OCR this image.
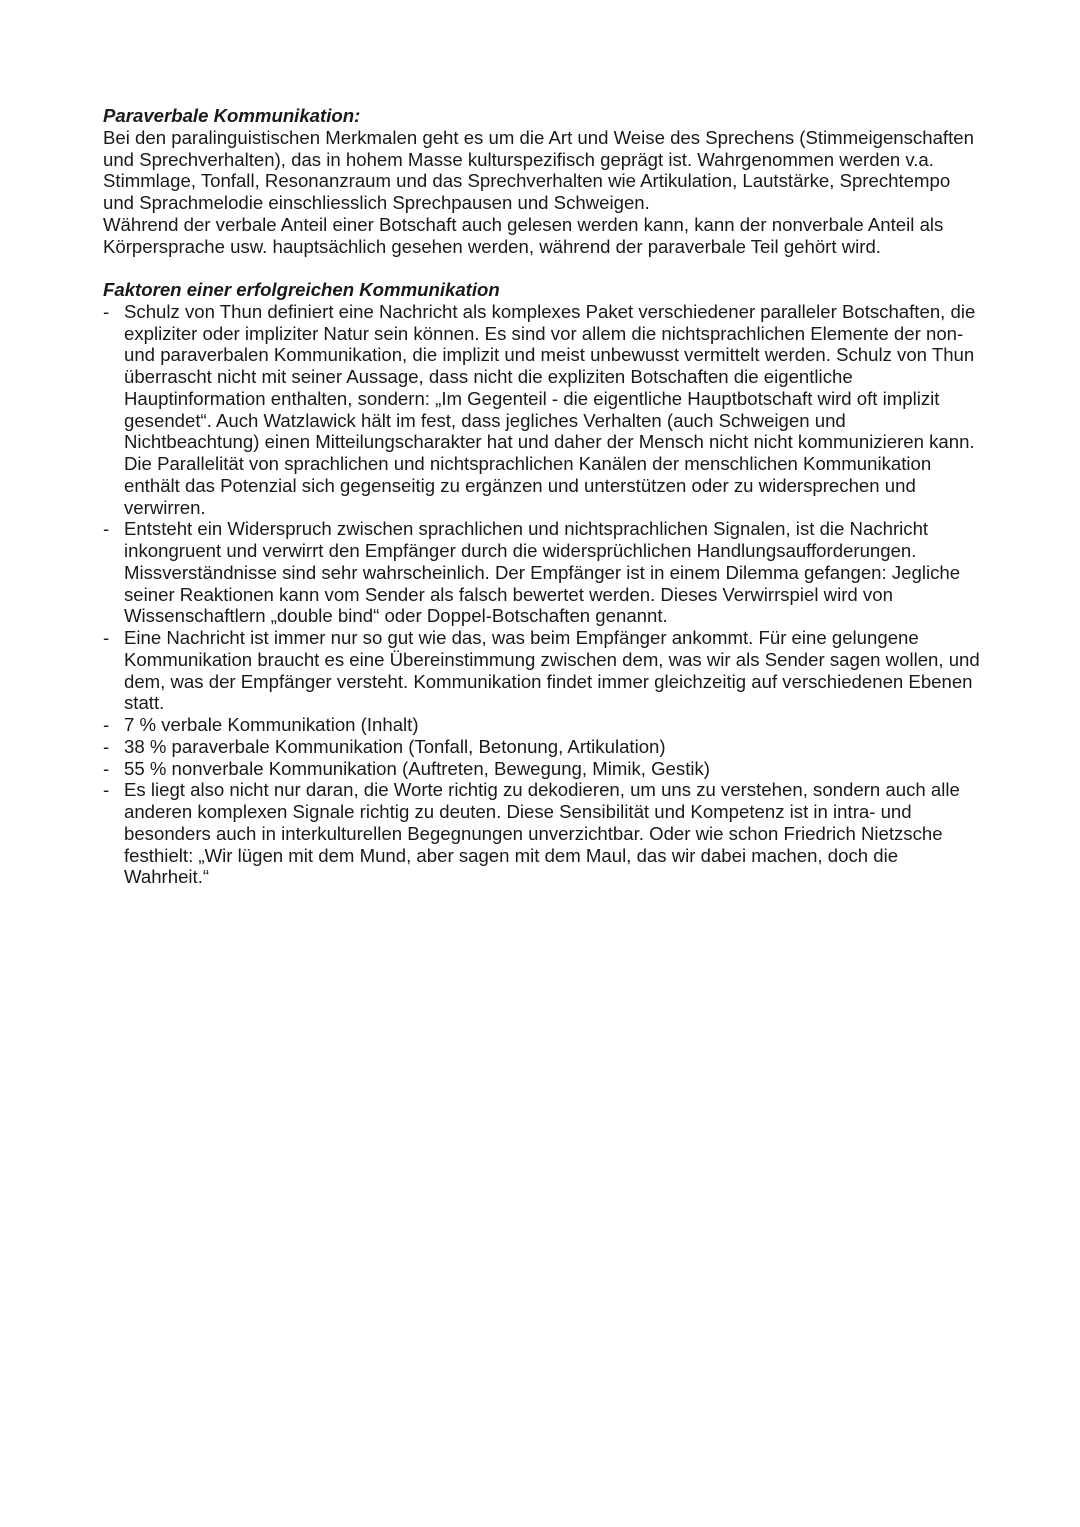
Paraverbale Kommunikation:

Bei den paralinguistischen Merkmalen geht es um die Art und Weise des Sprechens (Stimmeigenschaften und Sprechverhalten), das in hohem Masse kulturspezifisch geprägt ist. Wahrgenommen werden v.a. Stimmlage, Tonfall, Resonanzraum und das Sprechverhalten wie Artikulation, Lautstärke, Sprechtempo und Sprachmelodie einschliesslich Sprechpausen und Schweigen.

Während der verbale Anteil einer Botschaft auch gelesen werden kann, kann der nonverbale Anteil als Körpersprache usw. hauptsächlich gesehen werden, während der paraverbale Teil gehört wird.

Faktoren einer erfolgreichen Kommunikation

- Schulz von Thun definiert eine Nachricht als komplexes Paket verschiedener paralleler Botschaften, die expliziter oder impliziter Natur sein können. Es sind vor allem die nichtsprachlichen Elemente der non- und paraverbalen Kommunikation, die implizit und meist unbewusst vermittelt werden. Schulz von Thun überrascht nicht mit seiner Aussage, dass nicht die expliziten Botschaften die eigentliche Hauptinformation enthalten, sondern: „Im Gegenteil - die eigentliche Hauptbotschaft wird oft implizit gesendet“. Auch Watzlawick hält im fest, dass jegliches Verhalten (auch Schweigen und Nichtbeachtung) einen Mitteilungscharakter hat und daher der Mensch nicht nicht kommunizieren kann. Die Parallelität von sprachlichen und nichtsprachlichen Kanälen der menschlichen Kommunikation enthält das Potenzial sich gegenseitig zu ergänzen und unterstützen oder zu widersprechen und verwirren.
- Entsteht ein Widerspruch zwischen sprachlichen und nichtsprachlichen Signalen, ist die Nachricht inkongruent und verwirrt den Empfänger durch die widersprüchlichen Handlungsaufforderungen. Missverständnisse sind sehr wahrscheinlich. Der Empfänger ist in einem Dilemma gefangen: Jegliche seiner Reaktionen kann vom Sender als falsch bewertet werden. Dieses Verwirrspiel wird von Wissenschaftlern „double bind“ oder Doppel-Botschaften genannt.
- Eine Nachricht ist immer nur so gut wie das, was beim Empfänger ankommt. Für eine gelungene Kommunikation braucht es eine Übereinstimmung zwischen dem, was wir als Sender sagen wollen, und dem, was der Empfänger versteht. Kommunikation findet immer gleichzeitig auf verschiedenen Ebenen statt.
- 7 % verbale Kommunikation (Inhalt)
- 38 % paraverbale Kommunikation (Tonfall, Betonung, Artikulation)
- 55 % nonverbale Kommunikation (Auftreten, Bewegung, Mimik, Gestik)
- Es liegt also nicht nur daran, die Worte richtig zu dekodieren, um uns zu verstehen, sondern auch alle anderen komplexen Signale richtig zu deuten. Diese Sensibilität und Kompetenz ist in intra- und besonders auch in interkulturellen Begegnungen unverzichtbar. Oder wie schon Friedrich Nietzsche festhielt: „Wir lügen mit dem Mund, aber sagen mit dem Maul, das wir dabei machen, doch die Wahrheit.“
